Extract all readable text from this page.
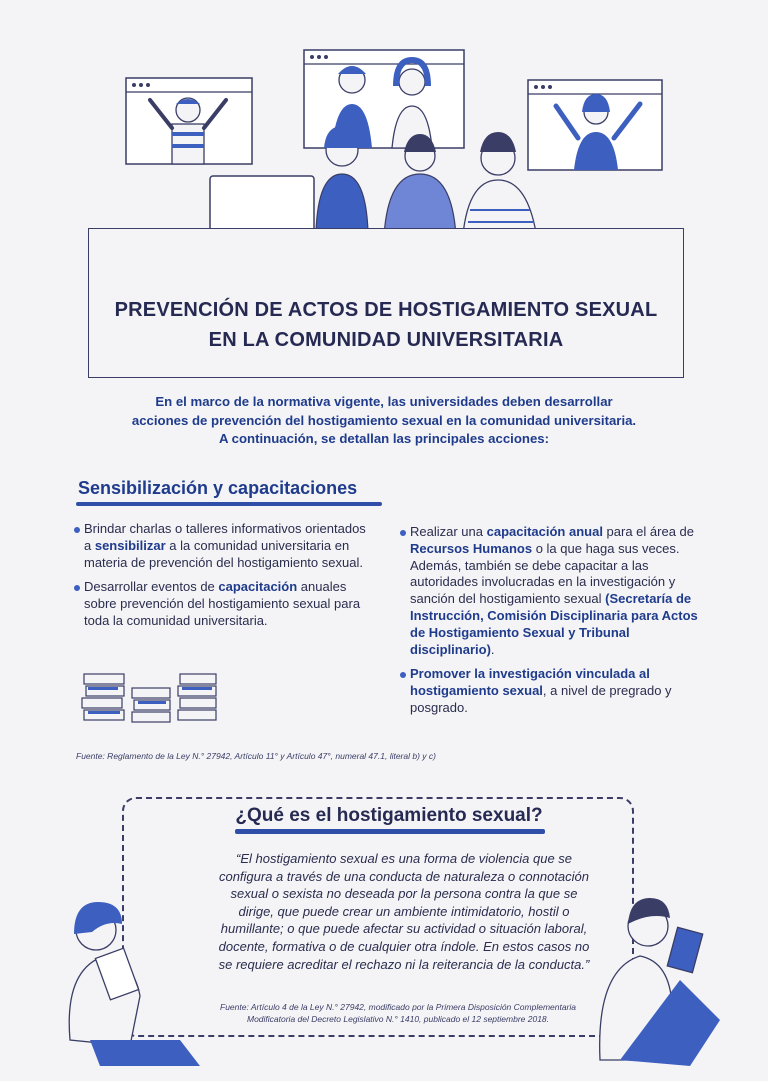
PREVENCIÓN DE ACTOS DE HOSTIGAMIENTO SEXUAL
EN LA COMUNIDAD UNIVERSITARIA
En el marco de la normativa vigente, las universidades deben desarrollar
acciones de prevención del hostigamiento sexual en la comunidad universitaria.
A continuación, se detallan las principales acciones:
Sensibilización y capacitaciones
Brindar charlas o talleres informativos orientados a sensibilizar a la comunidad universitaria en materia de prevención del hostigamiento sexual.
Desarrollar eventos de capacitación anuales sobre prevención del hostigamiento sexual para toda la comunidad universitaria.
Realizar una capacitación anual para el área de Recursos Humanos o la que haga sus veces. Además, también se debe capacitar a las autoridades involucradas en la investigación y sanción del hostigamiento sexual (Secretaría de Instrucción, Comisión Disciplinaria para Actos de Hostigamiento Sexual y Tribunal disciplinario).
Promover la investigación vinculada al hostigamiento sexual, a nivel de pregrado y posgrado.
Fuente: Reglamento de la Ley N.° 27942, Artículo 11° y Artículo 47°, numeral 47.1, literal b) y c)
¿Qué es el hostigamiento sexual?
“El hostigamiento sexual es una forma de violencia que se configura a través de una conducta de naturaleza o connotación sexual o sexista no deseada por la persona contra la que se dirige, que puede crear un ambiente intimidatorio, hostil o humillante; o que puede afectar su actividad o situación laboral, docente, formativa o de cualquier otra índole. En estos casos no se requiere acreditar el rechazo ni la reiterancia de la conducta.”
Fuente: Artículo 4 de la Ley N.° 27942, modificado por la Primera Disposición Complementaria Modificatoria del Decreto Legislativo N.° 1410, publicado el 12 septiembre 2018.
